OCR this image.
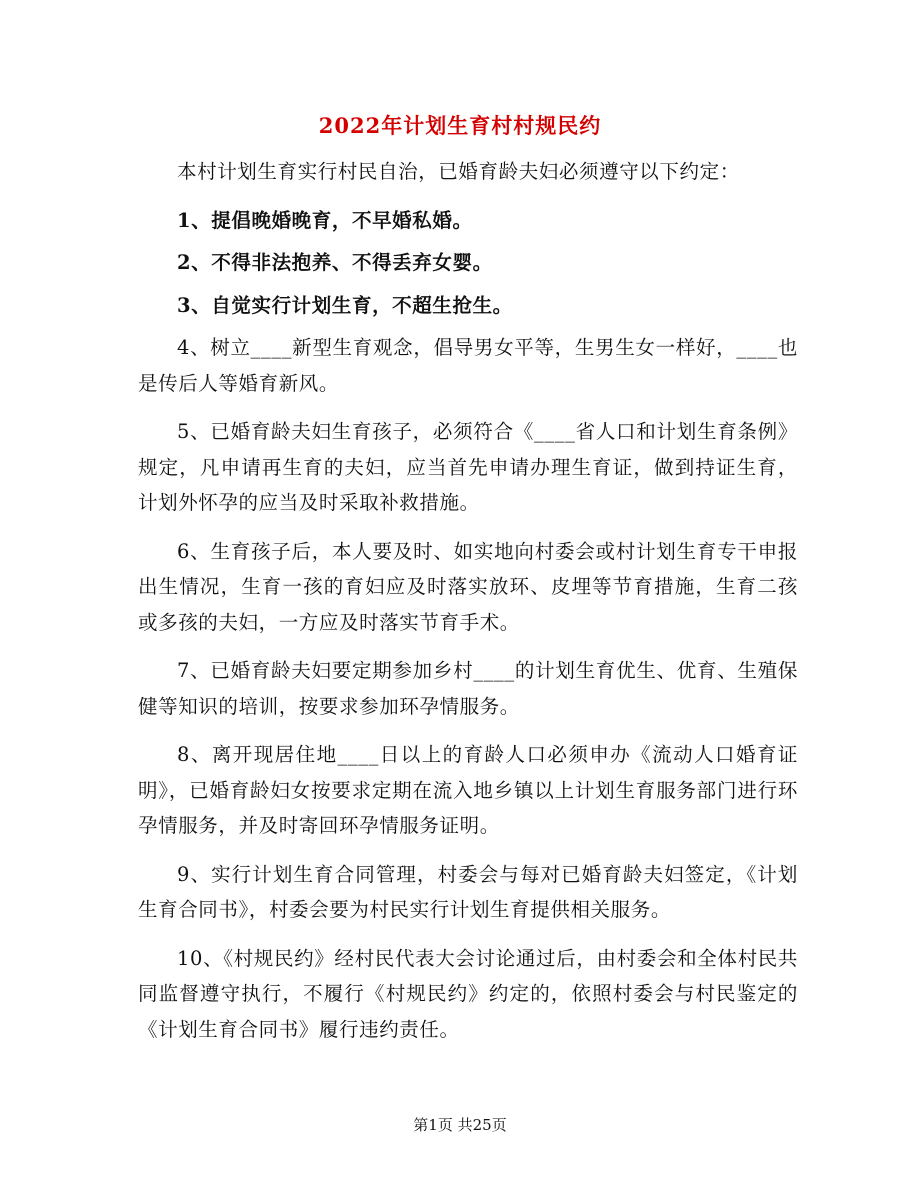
2022年计划生育村村规民约

本村计划生育实行村民自治，已婚育龄夫妇必须遵守以下约定：

1、提倡晚婚晚育，不早婚私婚。

2、不得非法抱养、不得丢弃女婴。

3、自觉实行计划生育，不超生抢生。

4、树立____新型生育观念，倡导男女平等，生男生女一样好，____也是传后人等婚育新风。

5、已婚育龄夫妇生育孩子，必须符合《____省人口和计划生育条例》规定，凡申请再生育的夫妇，应当首先申请办理生育证，做到持证生育，计划外怀孕的应当及时采取补救措施。

6、生育孩子后，本人要及时、如实地向村委会或村计划生育专干申报出生情况，生育一孩的育妇应及时落实放环、皮埋等节育措施，生育二孩或多孩的夫妇，一方应及时落实节育手术。

7、已婚育龄夫妇要定期参加乡村____的计划生育优生、优育、生殖保健等知识的培训，按要求参加环孕情服务。

8、离开现居住地____日以上的育龄人口必须申办《流动人口婚育证明》，已婚育龄妇女按要求定期在流入地乡镇以上计划生育服务部门进行环孕情服务，并及时寄回环孕情服务证明。

9、实行计划生育合同管理，村委会与每对已婚育龄夫妇签定，《计划生育合同书》，村委会要为村民实行计划生育提供相关服务。

10、《村规民约》经村民代表大会讨论通过后，由村委会和全体村民共同监督遵守执行，不履行《村规民约》约定的，依照村委会与村民鉴定的《计划生育合同书》履行违约责任。

第1页 共25页
